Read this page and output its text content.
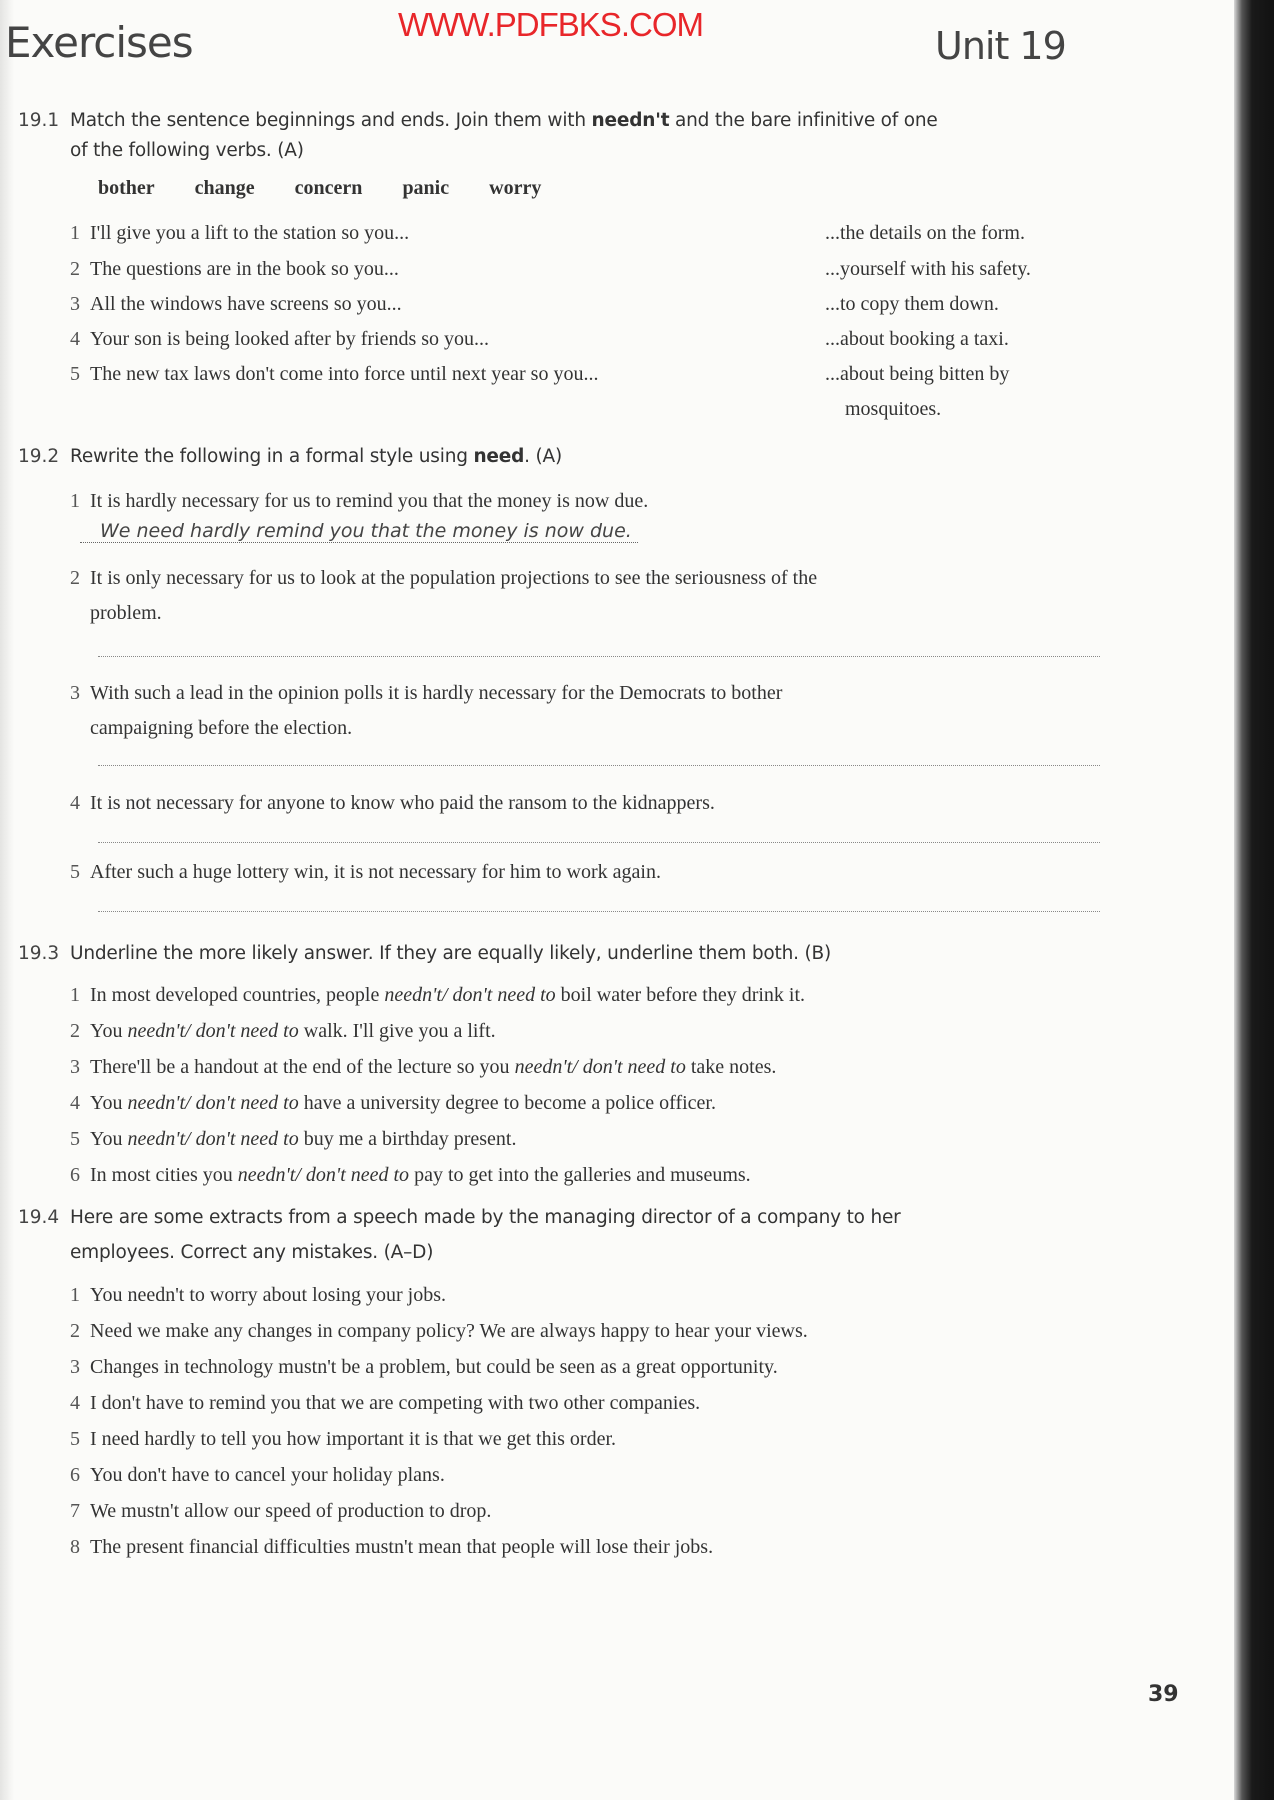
Exercises	WWW.PDFBKS.COM	Unit 19
19.1 Match the sentence beginnings and ends. Join them with needn't and the bare infinitive of one
of the following verbs. (A)
bother change concern panic worry
1 I'll give you a lift to the station so you...
2 The questions are in the book so you...
3 All the windows have screens so you...
4 Your son is being looked after by friends so you...
5 The new tax laws don't come into force until next year so you...
...the details on the form.
...yourself with his safety.
...to copy them down.
...about booking a taxi.
...about being bitten by
mosquitoes.
19.2 Rewrite the following in a formal style using need. (A)
1 It is hardly necessary for us to remind you that the money is now due.
We need hardly remind you that the money is now due.
2 It is only necessary for us to look at the population projections to see the seriousness of the
problem.
3 With such a lead in the opinion polls it is hardly necessary for the Democrats to bother
campaigning before the election.
4 It is not necessary for anyone to know who paid the ransom to the kidnappers.
5 After such a huge lottery win, it is not necessary for him to work again.
19.3 Underline the more likely answer. If they are equally likely, underline them both. (B)
1 In most developed countries, people needn't/ don't need to boil water before they drink it.
2 You needn't/ don't need to walk. I'll give you a lift.
3 There'll be a handout at the end of the lecture so you needn't/ don't need to take notes.
4 You needn't/ don't need to have a university degree to become a police officer.
5 You needn't/ don't need to buy me a birthday present.
6 In most cities you needn't/ don't need to pay to get into the galleries and museums.
19.4 Here are some extracts from a speech made by the managing director of a company to her
employees. Correct any mistakes. (A–D)
1 You needn't to worry about losing your jobs.
2 Need we make any changes in company policy? We are always happy to hear your views.
3 Changes in technology mustn't be a problem, but could be seen as a great opportunity.
4 I don't have to remind you that we are competing with two other companies.
5 I need hardly to tell you how important it is that we get this order.
6 You don't have to cancel your holiday plans.
7 We mustn't allow our speed of production to drop.
8 The present financial difficulties mustn't mean that people will lose their jobs.
39
